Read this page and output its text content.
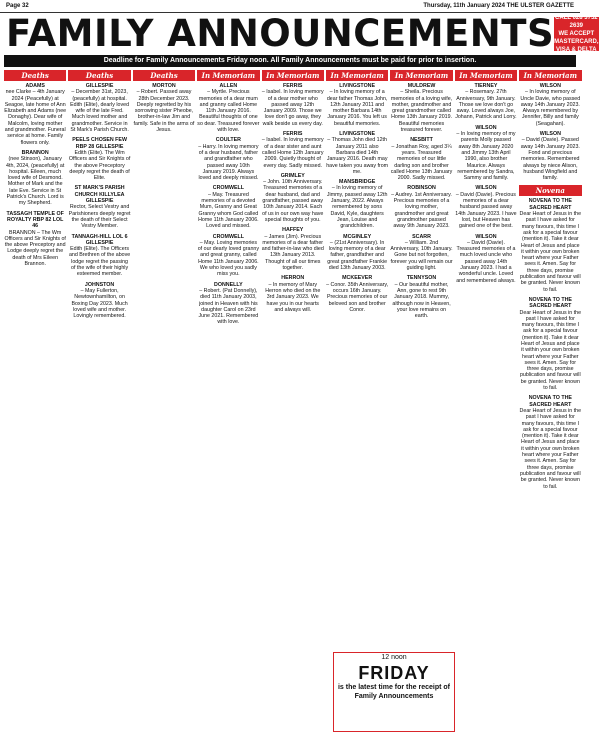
Page 32	Thursday, 11th January 2024 THE ULSTER GAZETTE
FAMILY ANNOUNCEMENTS CALL 028 3752 2639
WE ACCEPT
MASTERCARD, VISA & DELTA
Deadline for Family Announcements Friday noon. All Family Announcements must be paid for prior to insertion.
Deaths
ADAMS
nee Clarke – 4th January 2024 (Peacefully) at Seagoe, late home of Ann Elizabeth and Adams (nee Donaghy). Dear wife of Malcolm, loving mother and grandmother. Funeral service at home. Family flowers only.
BRANNON
(nee Stinson), January 4th, 2024, (peacefully) at hospital. Eileen, much loved wife of Desmond. Mother of Mark and the late Eve. Service in St Patrick's Church. Lord is my Shepherd.
TASSAGH TEMPLE OF ROYALTY RBP 82 LOL 46
BRANNON – The Wm Officers and Sir Knights of the above Preceptory and Lodge deeply regret the death of Mrs Eileen Brannon.
Deaths
GILLESPIE
– December 31st, 2023, (peacefully) at hospital. Edith (Elite), dearly loved wife of the late Fred. Much loved mother and grandmother. Service in St Mark's Parish Church.
PEELS CHOSEN FEW RBP 28 GILLESPIE
Edith (Elite). The Wm Officers and Sir Knights of the above Preceptory deeply regret the death of Elite.
ST MARK'S PARISH CHURCH KILLYLEA GILLESPIE
Rector, Select Vestry and Parishioners deeply regret the death of their Select Vestry Member.
TANNAGH-HILL LOL 6 GILLESPIE
Edith (Elite). The Officers and Brethren of the above lodge regret the passing of the wife of their highly esteemed member.
JOHNSTON
– May Fullerton, Newtownhamilton, on Boxing Day 2023. Much loved wife and mother. Lovingly remembered.
Deaths
MORTON
– Robert. Passed away 28th December 2023. Deeply regretted by his sorrowing sister Pheobe, brother-in-law Jim and family. Safe in the arms of Jesus.
In Memoriam
ALLEN
– Myrtle. Precious memories of a dear mum and granny called Home 11th January 2016. Beautiful thoughts of one so dear. Treasured forever with love.
COULTER
– Harry. In loving memory of a dear husband, father and grandfather who passed away 10th January 2019. Always loved and deeply missed.
CROMWELL
– May. Treasured memories of a devoted Mum, Granny and Great Granny whom God called Home 11th January 2006. Loved and missed.
CROMWELL
– May. Loving memories of our dearly loved granny and great granny, called Home 11th January 2006. We who loved you sadly miss you.
DONNELLY
– Robert. (Pat Donnelly), died 11th January 2003, joined in Heaven with his daughter Carol on 23rd June 2021. Remembered with love.
In Memoriam
FERRIS
– Isabel. In loving memory of a dear mother who passed away 12th January 2009. Those we love don't go away, they walk beside us every day.
FERRIS
– Isabel. In loving memory of a dear sister and aunt called Home 12th January 2009. Quietly thought of every day. Sadly missed.
GRIMLEY
– John. 10th Anniversary. Treasured memories of a dear husband, dad and grandfather, passed away 10th January 2014. Each of us in our own way have special thoughts of you.
HAFFEY
– James (Jim). Precious memories of a dear father and father-in-law who died 13th January 2013. Thought of all our times together.
HERRON
– In memory of Mary Herron who died on the 3rd January 2023. We have you in our hearts and always will.
In Memoriam
LIVINGSTONE
– In loving memory of a dear father Thomas John, 12th January 2011 and mother Barbara 14th January 2016. You left us beautiful memories.
LIVINGSTONE
– Thomas John died 12th January 2011 also Barbara died 14th January 2016. Death may have taken you away from me.
MANSBRIDGE
– In loving memory of Jimmy, passed away 12th January, 2022. Always remembered by sons David, Kyle, daughters Jean, Louise and grandchildren.
MCGINLEY
– (21st Anniversary). In loving memory of a dear father, grandfather and great grandfather Frankie died 13th January 2003.
MCKEEVER
– Conor. 35th Anniversary, occurs 16th January. Precious memories of our beloved son and brother Conor.
In Memoriam
MULDREW
– Sheila. Precious memories of a loving wife, mother, grandmother and great grandmother called Home 13th January 2019. Beautiful memories treasured forever.
NESBITT
– Jonathan Roy, aged 3¼ years. Treasured memories of our little darling son and brother called Home 13th January 2000. Sadly missed.
ROBINSON
– Audrey. 1st Anniversary. Precious memories of a loving mother, grandmother and great grandmother passed away 9th January 2023.
SCARR
– William. 2nd Anniversary, 10th January. Gone but not forgotten, forever you will remain our guiding light.
TENNYSON
– Our beautiful mother, Ann, gone to rest 9th January 2018. Mummy, although now in Heaven, your love remains on earth.
In Memoriam
TIERNEY
– Rosemary. 27th Anniversary, 9th January. Those we love don't go away. Loved always Joe, Johann, Patrick and Lorry.
WILSON
– In loving memory of my parents Molly passed away 8th January 2020 and Jimmy 13th April 1990, also brother Maurice. Always remembered by Sandra, Sammy and family.
WILSON
– David (Davie). Precious memories of a dear husband passed away 14th January 2023. I have lost, but Heaven has gained one of the best.
WILSON
– David (Davie). Treasured memories of a much loved uncle who passed away 14th January 2023. I had a wonderful uncle. Loved and remembered always.
In Memoriam
WILSON
– In loving memory of Uncle Davie, who passed away 14th January 2023. Always remembered by Jennifer, Billy and family (Seagahan).
WILSON
– David (Davie). Passed away 14th January 2023. Fond and precious memories. Remembered always by niece Alison, husband Wingfield and family.
Novena
NOVENA TO THE SACRED HEART
Dear Heart of Jesus in the past I have asked for many favours, this time I ask for a special favour (mention it). Take it dear Heart of Jesus and place it within your own broken heart where your Father sees it. Amen. Say for three days, promise publication and favour will be granted. Never known to fail.
NOVENA TO THE SACRED HEART
Dear Heart of Jesus in the past I have asked for many favours, this time I ask for a special favour (mention it). Take it dear Heart of Jesus and place it within your own broken heart where your Father sees it. Amen. Say for three days, promise publication and favour will be granted. Never known to fail.
NOVENA TO THE SACRED HEART
Dear Heart of Jesus in the past I have asked for many favours, this time I ask for a special favour (mention it). Take it dear Heart of Jesus and place it within your own broken heart where your Father sees it. Amen. Say for three days, promise publication and favour will be granted. Never known to fail.
12 noon
FRIDAY
is the latest time for the receipt of Family Announcements
